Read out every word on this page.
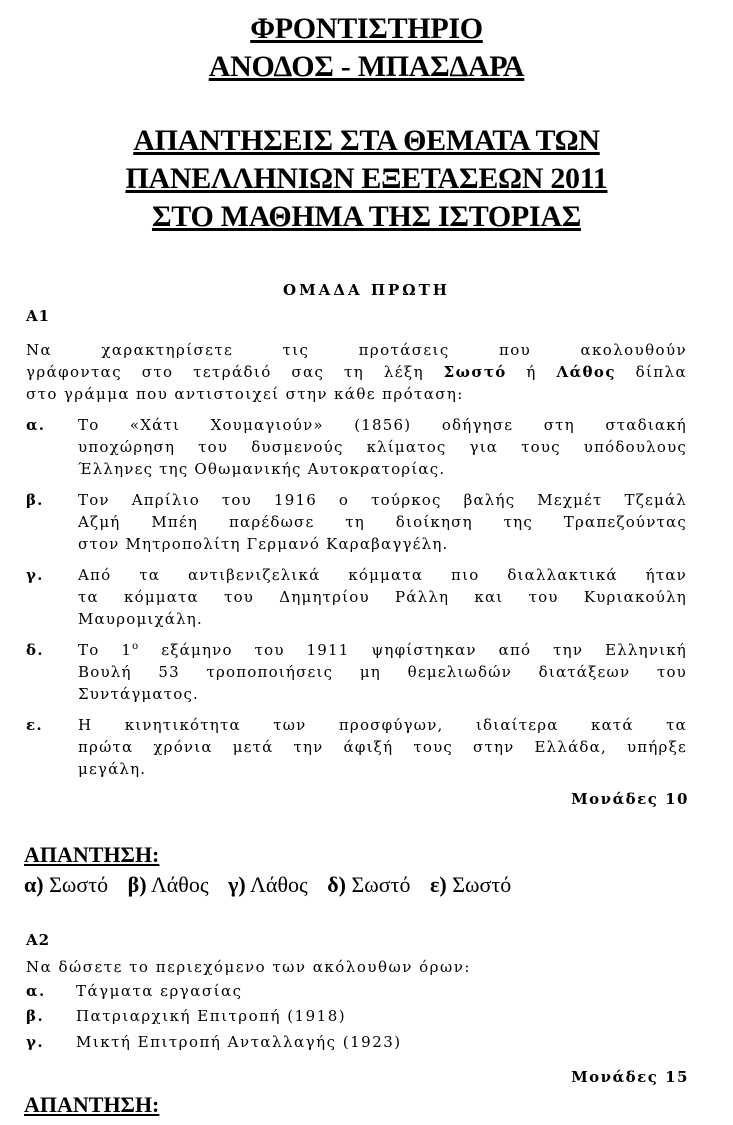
ΦΡΟΝΤΙΣΤΗΡΙΟ
ΑΝΟΔΟΣ - ΜΠΑΣΔΑΡΑ
ΑΠΑΝΤΗΣΕΙΣ ΣΤΑ ΘΕΜΑΤΑ ΤΩΝ
ΠΑΝΕΛΛΗΝΙΩΝ ΕΞΕΤΑΣΕΩΝ 2011
ΣΤΟ ΜΑΘΗΜΑ ΤΗΣ ΙΣΤΟΡΙΑΣ
ΟΜΑΔΑ ΠΡΩΤΗ
Α1
Να χαρακτηρίσετε τις προτάσεις που ακολουθούν
γράφοντας στο τετράδιό σας τη λέξη Σωστό ή Λάθος δίπλα
στο γράμμα που αντιστοιχεί στην κάθε πρόταση:
α.	Το «Χάτι Χουμαγιούν» (1856) οδήγησε στη σταδιακή
υποχώρηση του δυσμενούς κλίματος για τους υπόδουλους
Έλληνες της Οθωμανικής Αυτοκρατορίας.
β.	Τον Απρίλιο του 1916 ο τούρκος βαλής Μεχμέτ Τζεμάλ
Αζμή Μπέη παρέδωσε τη διοίκηση της Τραπεζούντας
στον Μητροπολίτη Γερμανό Καραβαγγέλη.
γ.	Από τα αντιβενιζελικά κόμματα πιο διαλλακτικά ήταν
τα κόμματα του Δημητρίου Ράλλη και του Κυριακούλη
Μαυρομιχάλη.
δ.	Το $1^o$ εξάμηνο του 1911 ψηφίστηκαν από την Ελληνική
Βουλή 53 τροποποιήσεις μη θεμελιωδών διατάξεων του
Συντάγματος.
ε.	Η κινητικότητα των προσφύγων, ιδιαίτερα κατά τα
πρώτα χρόνια μετά την άφιξή τους στην Ελλάδα, υπήρξε
μεγάλη.
Μονάδες 10
ΑΠΑΝΤΗΣΗ:
α) Σωστό β) Λάθος γ) Λάθος δ) Σωστό ε) Σωστό
Α2
Να δώσετε το περιεχόμενο των ακόλουθων όρων:
α. Τάγματα εργασίας
β. Πατριαρχική Επιτροπή (1918)
γ. Μικτή Επιτροπή Ανταλλαγής (1923)
Μονάδες 15
ΑΠΑΝΤΗΣΗ:
